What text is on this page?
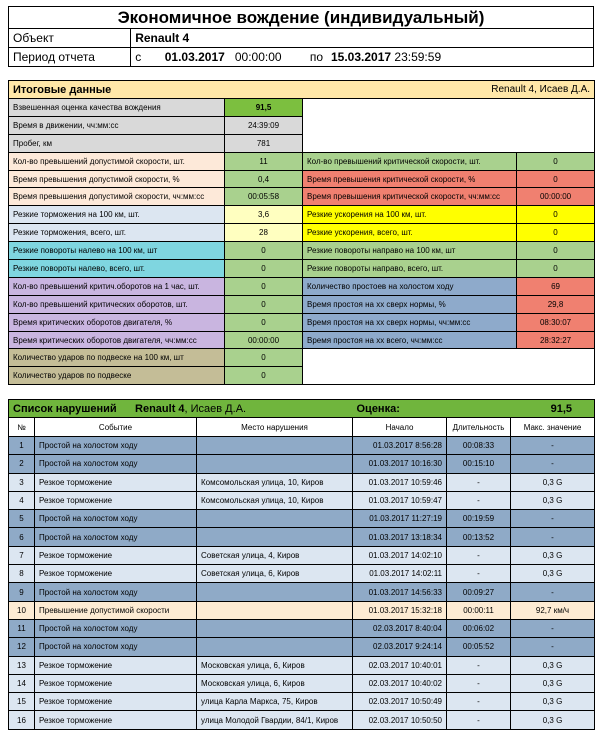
Экономичное вождение (индивидуальный)					
Объект	Renault 4				
Период отчета	с	01.03.2017	00:00:00	по	15.03.2017 23:59:59
Итоговые данные		Renault 4, Исаев Д.А.	
Взвешенная оценка качества вождения	91,5		
Время в движении, чч:мм:сс	24:39:09		
Пробег, км	781		
Кол-во превышений допустимой скорости, шт.	11	Кол-во превышений критической скорости, шт.	0
Время превышения допустимой скорости, %	0,4	Время превышения критической скорости, %	0
Время превышения допустимой скорости, чч:мм:сс	00:05:58	Время превышения критической скорости, чч:мм:сс	00:00:00
Резкие торможения на 100 км, шт.	3,6	Резкие ускорения на 100 км, шт.	0
Резкие торможения, всего, шт.	28	Резкие ускорения, всего, шт.	0
Резкие повороты налево на 100 км, шт	0	Резкие повороты направо на 100 км, шт	0
Резкие повороты налево, всего, шт.	0	Резкие повороты направо, всего, шт.	0
Кол-во превышений критич.оборотов на 1 час, шт.	0	Количество простоев на холостом ходу	69
Кол-во превышений критических оборотов, шт.	0	Время простоя на хх сверх нормы, %	29,8
Время критических оборотов двигателя, %	0	Время простоя на хх сверх нормы, чч:мм:сс	08:30:07
Время критических оборотов двигателя, чч:мм:сс	00:00:00	Время простоя на хх всего, чч:мм:сс	28:32:27
Количество ударов по подвеске на 100 км, шт	0		
Количество ударов по подвеске	0		
Список нарушений Renault 4, Исаев Д.А.			Оценка:	91,5	
№	Событие	Место нарушения	Начало	Длительность	Макс. значение
1	Простой на холостом ходу		01.03.2017 8:56:28	00:08:33	-
2	Простой на холостом ходу		01.03.2017 10:16:30	00:15:10	-
3	Резкое торможение	Комсомольская улица, 10, Киров	01.03.2017 10:59:46	-	0,3 G
4	Резкое торможение	Комсомольская улица, 10, Киров	01.03.2017 10:59:47	-	0,3 G
5	Простой на холостом ходу		01.03.2017 11:27:19	00:19:59	-
6	Простой на холостом ходу		01.03.2017 13:18:34	00:13:52	-
7	Резкое торможение	Советская улица, 4, Киров	01.03.2017 14:02:10	-	0,3 G
8	Резкое торможение	Советская улица, 6, Киров	01.03.2017 14:02:11	-	0,3 G
9	Простой на холостом ходу		01.03.2017 14:56:33	00:09:27	-
10	Превышение допустимой скорости		01.03.2017 15:32:18	00:00:11	92,7 км/ч
11	Простой на холостом ходу		02.03.2017 8:40:04	00:06:02	-
12	Простой на холостом ходу		02.03.2017 9:24:14	00:05:52	-
13	Резкое торможение	Московская улица, 6, Киров	02.03.2017 10:40:01	-	0,3 G
14	Резкое торможение	Московская улица, 6, Киров	02.03.2017 10:40:02	-	0,3 G
15	Резкое торможение	улица Карла Маркса, 75, Киров	02.03.2017 10:50:49	-	0,3 G
16	Резкое торможение	улица Молодой Гвардии, 84/1, Киров	02.03.2017 10:50:50	-	0,3 G
